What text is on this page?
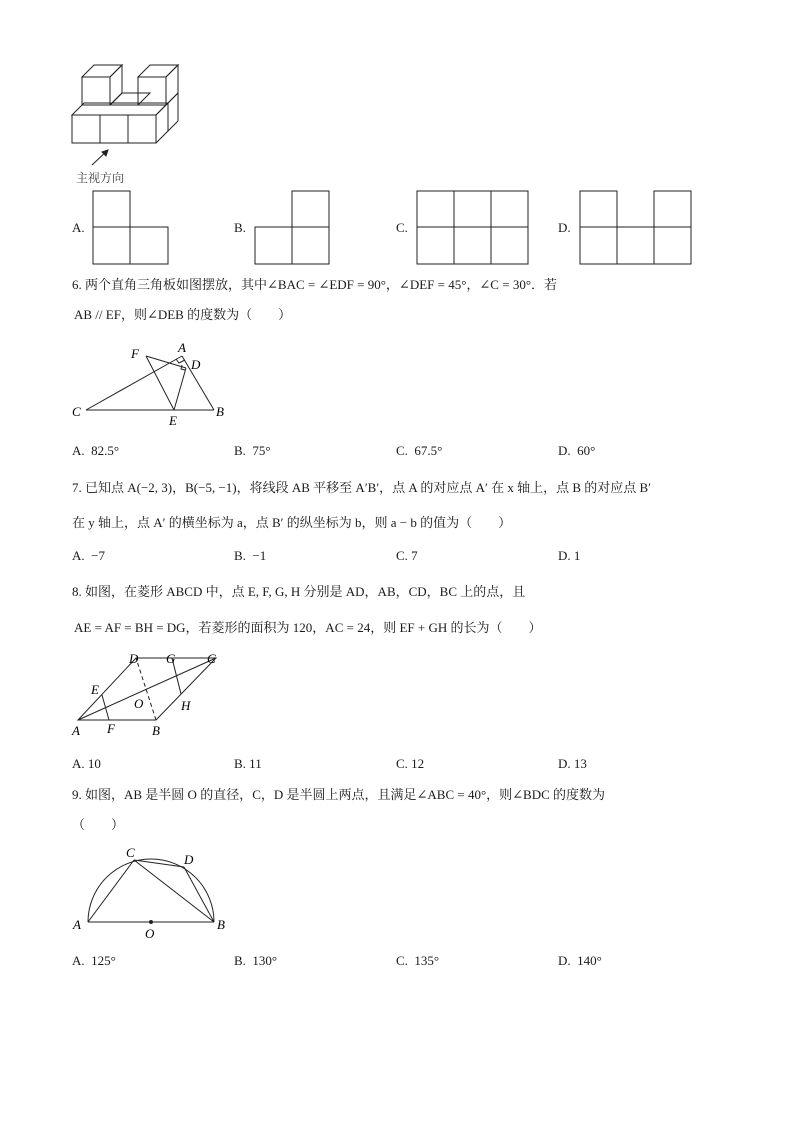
主视方向
A.	B.	C.	D.
6. 两个直角三角板如图摆放，其中∠BAC = ∠EDF = 90°，∠DEF = 45°，∠C = 30°．若
AB // EF，则∠DEB 的度数为（　　）
F	A
D
C
E
B
A. 82.5°	B. 75°	C. 67.5°	D. 60°
7. 已知点 A(−2, 3)，B(−5, −1)，将线段 AB 平移至 A′B′，点 A 的对应点 A′ 在 x 轴上，点 B 的对应点 B′
在 y 轴上，点 A′ 的横坐标为 a，点 B′ 的纵坐标为 b，则 a − b 的值为（　　）
A. −7	B. −1	C. 7	D. 1
8. 如图，在菱形 ABCD 中，点 E, F, G, H 分别是 AD，AB，CD，BC 上的点，且
AE = AF = BH = DG，若菱形的面积为 120，AC = 24，则 EF + GH 的长为（　　）
D G C
E
O	H
A F	B
A. 10	B. 11	C. 12	D. 13
9. 如图，AB 是半圆 O 的直径，C，D 是半圆上两点，且满足∠ABC = 40°，则∠BDC 的度数为
（　　）
C	D
A
O
B
A. 125°	B. 130°	C. 135°	D. 140°
